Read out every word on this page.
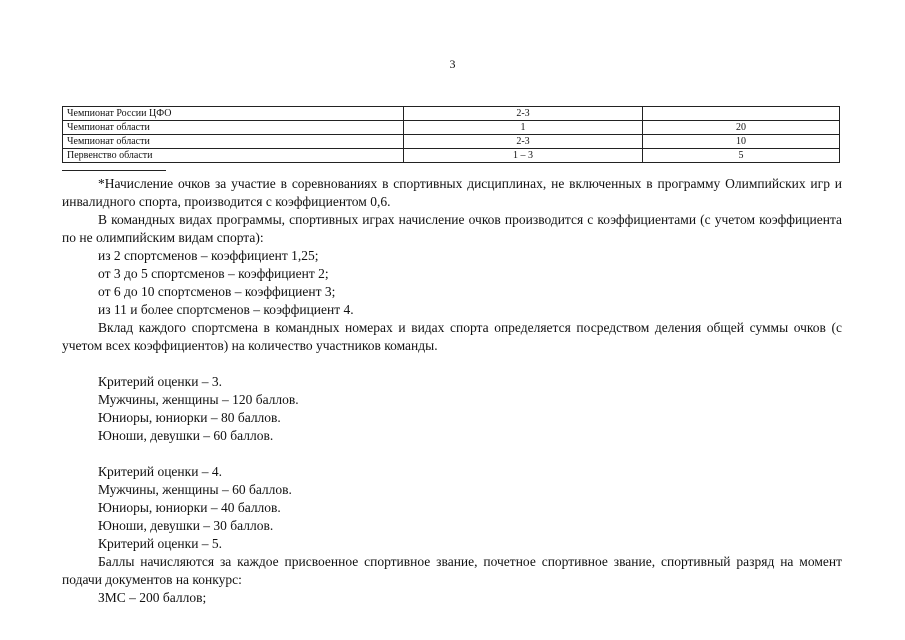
3
Чемпионат России ЦФО	2-3	
Чемпионат области	1	20
Чемпионат области	2-3	10
Первенство области	1 – 3	5

*Начисление очков за участие в соревнованиях в спортивных дисциплинах, не включенных в программу Олимпийских игр и инвалидного спорта, производится с коэффициентом 0,6.

В командных видах программы, спортивных играх начисление очков производится с коэффициентами (с учетом коэффициента по не олимпийским видам спорта):

из 2 спортсменов – коэффициент 1,25;

от 3 до 5 спортсменов – коэффициент 2;

от 6 до 10 спортсменов – коэффициент 3;

из 11 и более спортсменов – коэффициент 4.

Вклад каждого спортсмена в командных номерах и видах спорта определяется посредством деления общей суммы очков (с учетом всех коэффициентов) на количество участников команды.

Критерий оценки – 3.

Мужчины, женщины – 120 баллов.

Юниоры, юниорки – 80 баллов.

Юноши, девушки – 60 баллов.

Критерий оценки – 4.

Мужчины, женщины – 60 баллов.

Юниоры, юниорки – 40 баллов.

Юноши, девушки – 30 баллов.

Критерий оценки – 5.

Баллы начисляются за каждое присвоенное спортивное звание, почетное спортивное звание, спортивный разряд на момент подачи документов на конкурс:

ЗМС – 200 баллов;
